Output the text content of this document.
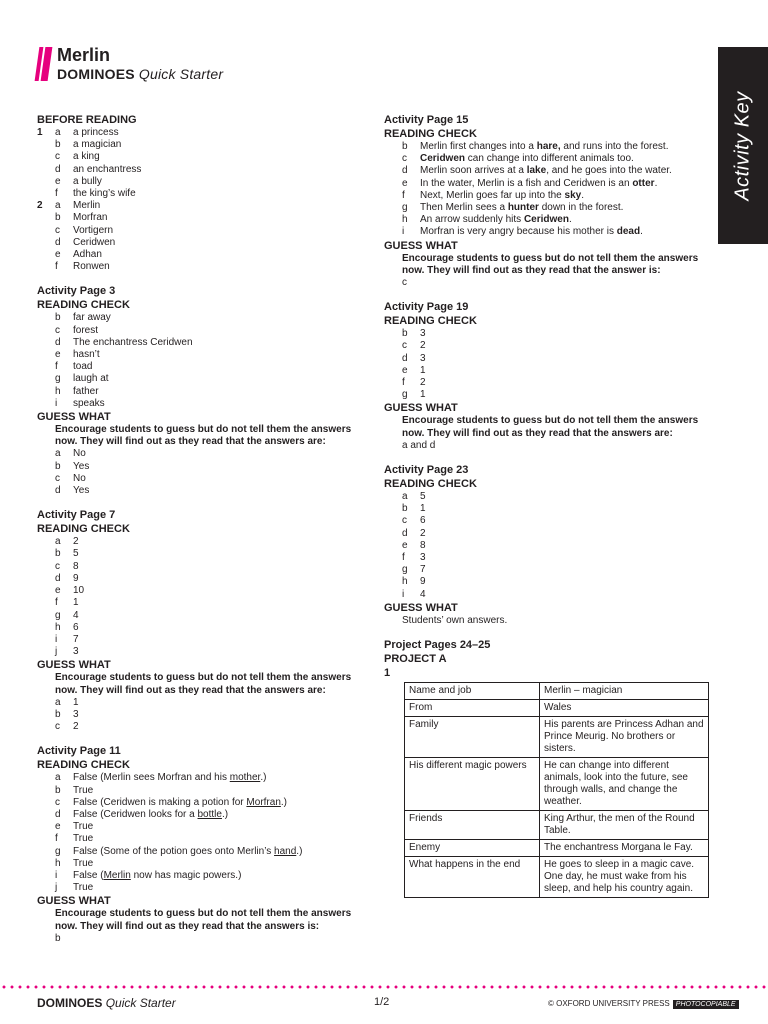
Merlin
DOMINOES Quick Starter
Activity Key
BEFORE READING
1	a	a princess
b	a magician
c	a king
d	an enchantress
e	a bully
f	the king’s wife
2	a	Merlin
b	Morfran
c	Vortigern
d	Ceridwen
e	Adhan
f	Ronwen
Activity Page 3
READING CHECK
b	far away
c	forest
d	The enchantress Ceridwen
e	hasn’t
f	toad
g	laugh at
h	father
i	speaks
GUESS WHAT
Encourage students to guess but do not tell them the answers now. They will find out as they read that the answers are:
a	No
b	Yes
c	No
d	Yes
Activity Page 7
READING CHECK
a	2
b	5
c	8
d	9
e	10
f	1
g	4
h	6
i	7
j	3
GUESS WHAT
Encourage students to guess but do not tell them the answers now. They will find out as they read that the answers are:
a	1
b	3
c	2
Activity Page 11
READING CHECK
a	False (Merlin sees Morfran and his mother.)
b	True
c	False (Ceridwen is making a potion for Morfran.)
d	False (Ceridwen looks for a bottle.)
e	True
f	True
g	False (Some of the potion goes onto Merlin’s hand.)
h	True
i	False (Merlin now has magic powers.)
j	True
GUESS WHAT
Encourage students to guess but do not tell them the answers now. They will find out as they read that the answers is:
b
Activity Page 15
READING CHECK
b	Merlin first changes into a hare, and runs into the forest.
c	Ceridwen can change into different animals too.
d	Merlin soon arrives at a lake, and he goes into the water.
e	In the water, Merlin is a fish and Ceridwen is an otter.
f	Next, Merlin goes far up into the sky.
g	Then Merlin sees a hunter down in the forest.
h	An arrow suddenly hits Ceridwen.
i	Morfran is very angry because his mother is dead.
GUESS WHAT
Encourage students to guess but do not tell them the answers now. They will find out as they read that the answer is:
c
Activity Page 19
READING CHECK
b	3
c	2
d	3
e	1
f	2
g	1
GUESS WHAT
Encourage students to guess but do not tell them the answers now. They will find out as they read that the answers are:
a and d
Activity Page 23
READING CHECK
a	5
b	1
c	6
d	2
e	8
f	3
g	7
h	9
i	4
GUESS WHAT
Students’ own answers.
Project Pages 24–25
PROJECT A
1
Name and job	Merlin – magician
From	Wales
Family	His parents are Princess Adhan and Prince Meurig. No brothers or sisters.
His different magic powers	He can change into different animals, look into the future, see through walls, and change the weather.
Friends	King Arthur, the men of the Round Table.
Enemy	The enchantress Morgana le Fay.
What happens in the end	He goes to sleep in a magic cave. One day, he must wake from his sleep, and help his country again.
DOMINOES Quick Starter	1/2	© OXFORD UNIVERSITY PRESS PHOTOCOPIABLE
